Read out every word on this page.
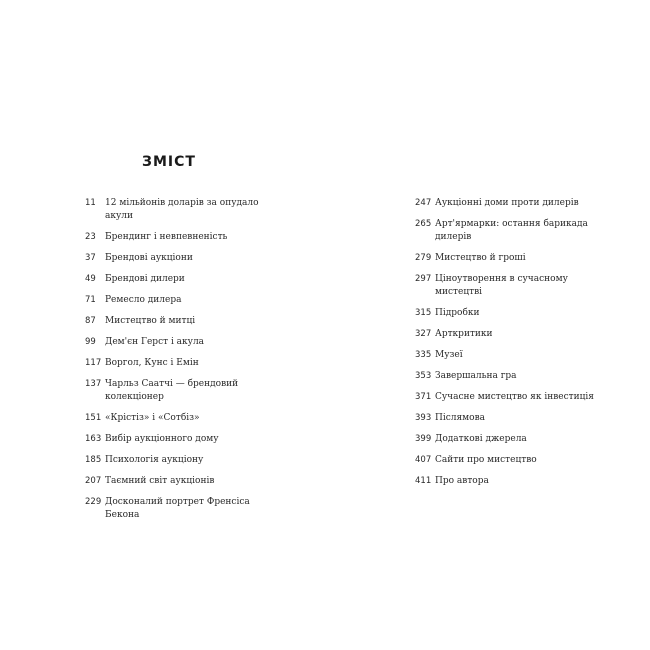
ЗМІСТ
11	12 мільйонів доларів за опудало акули
23	Брендинг і невпевненість
37	Брендові аукціони
49	Брендові дилери
71	Ремесло дилера
87	Мистецтво й митці
99	Дем'єн Герст і акула
117 Воргол, Кунс і Емін
137 Чарльз Саатчі — брендовий колекціонер
151 «Крістіз» і «Сотбіз»
163 Вибір аукціонного дому
185 Психологія аукціону
207 Таємний світ аукціонів
229 Досконалий портрет Френсіса Бекона
247 Аукціонні доми проти дилерів
265 Арт'ярмарки: остання барикада дилерів
279 Мистецтво й гроші
297 Ціноутворення в сучасному мистецтві
315 Підробки
327 Арткритики
335 Музеї
353 Завершальна гра
371 Сучасне мистецтво як інвестиція
393 Післямова
399 Додаткові джерела
407 Сайти про мистецтво
411 Про автора
